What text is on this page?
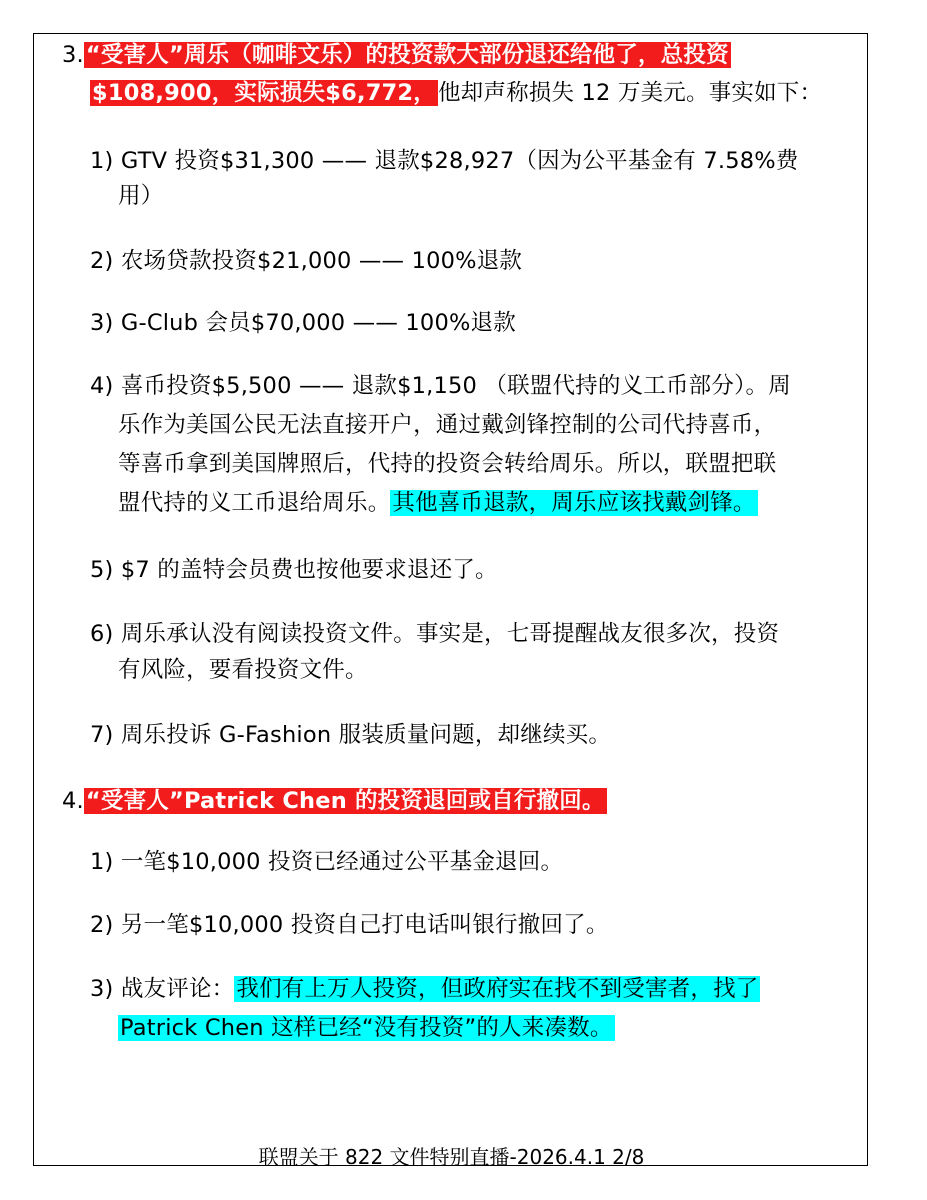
3.“受害人”周乐（咖啡文乐）的投资款大部份退还给他了，总投资
$108,900，实际损失$6,772，他却声称损失 12 万美元。事实如下：
1) GTV 投资$31,300 —— 退款$28,927（因为公平基金有 7.58%费
用）
2) 农场贷款投资$21,000 —— 100%退款
3) G-Club 会员$70,000 —— 100%退款
4) 喜币投资$5,500 —— 退款$1,150 （联盟代持的义工币部分）。周
乐作为美国公民无法直接开户，通过戴剑锋控制的公司代持喜币，
等喜币拿到美国牌照后，代持的投资会转给周乐。所以，联盟把联
盟代持的义工币退给周乐。其他喜币退款，周乐应该找戴剑锋。
5) $7 的盖特会员费也按他要求退还了。
6) 周乐承认没有阅读投资文件。事实是，七哥提醒战友很多次，投资
有风险，要看投资文件。
7) 周乐投诉 G-Fashion 服装质量问题，却继续买。
4.“受害人”Patrick Chen 的投资退回或自行撤回。
1) 一笔$10,000 投资已经通过公平基金退回。
2) 另一笔$10,000 投资自己打电话叫银行撤回了。
3) 战友评论：我们有上万人投资，但政府实在找不到受害者，找了
Patrick Chen 这样已经“没有投资”的人来凑数。
联盟关于 822 文件特别直播-2026.4.1 2/8
